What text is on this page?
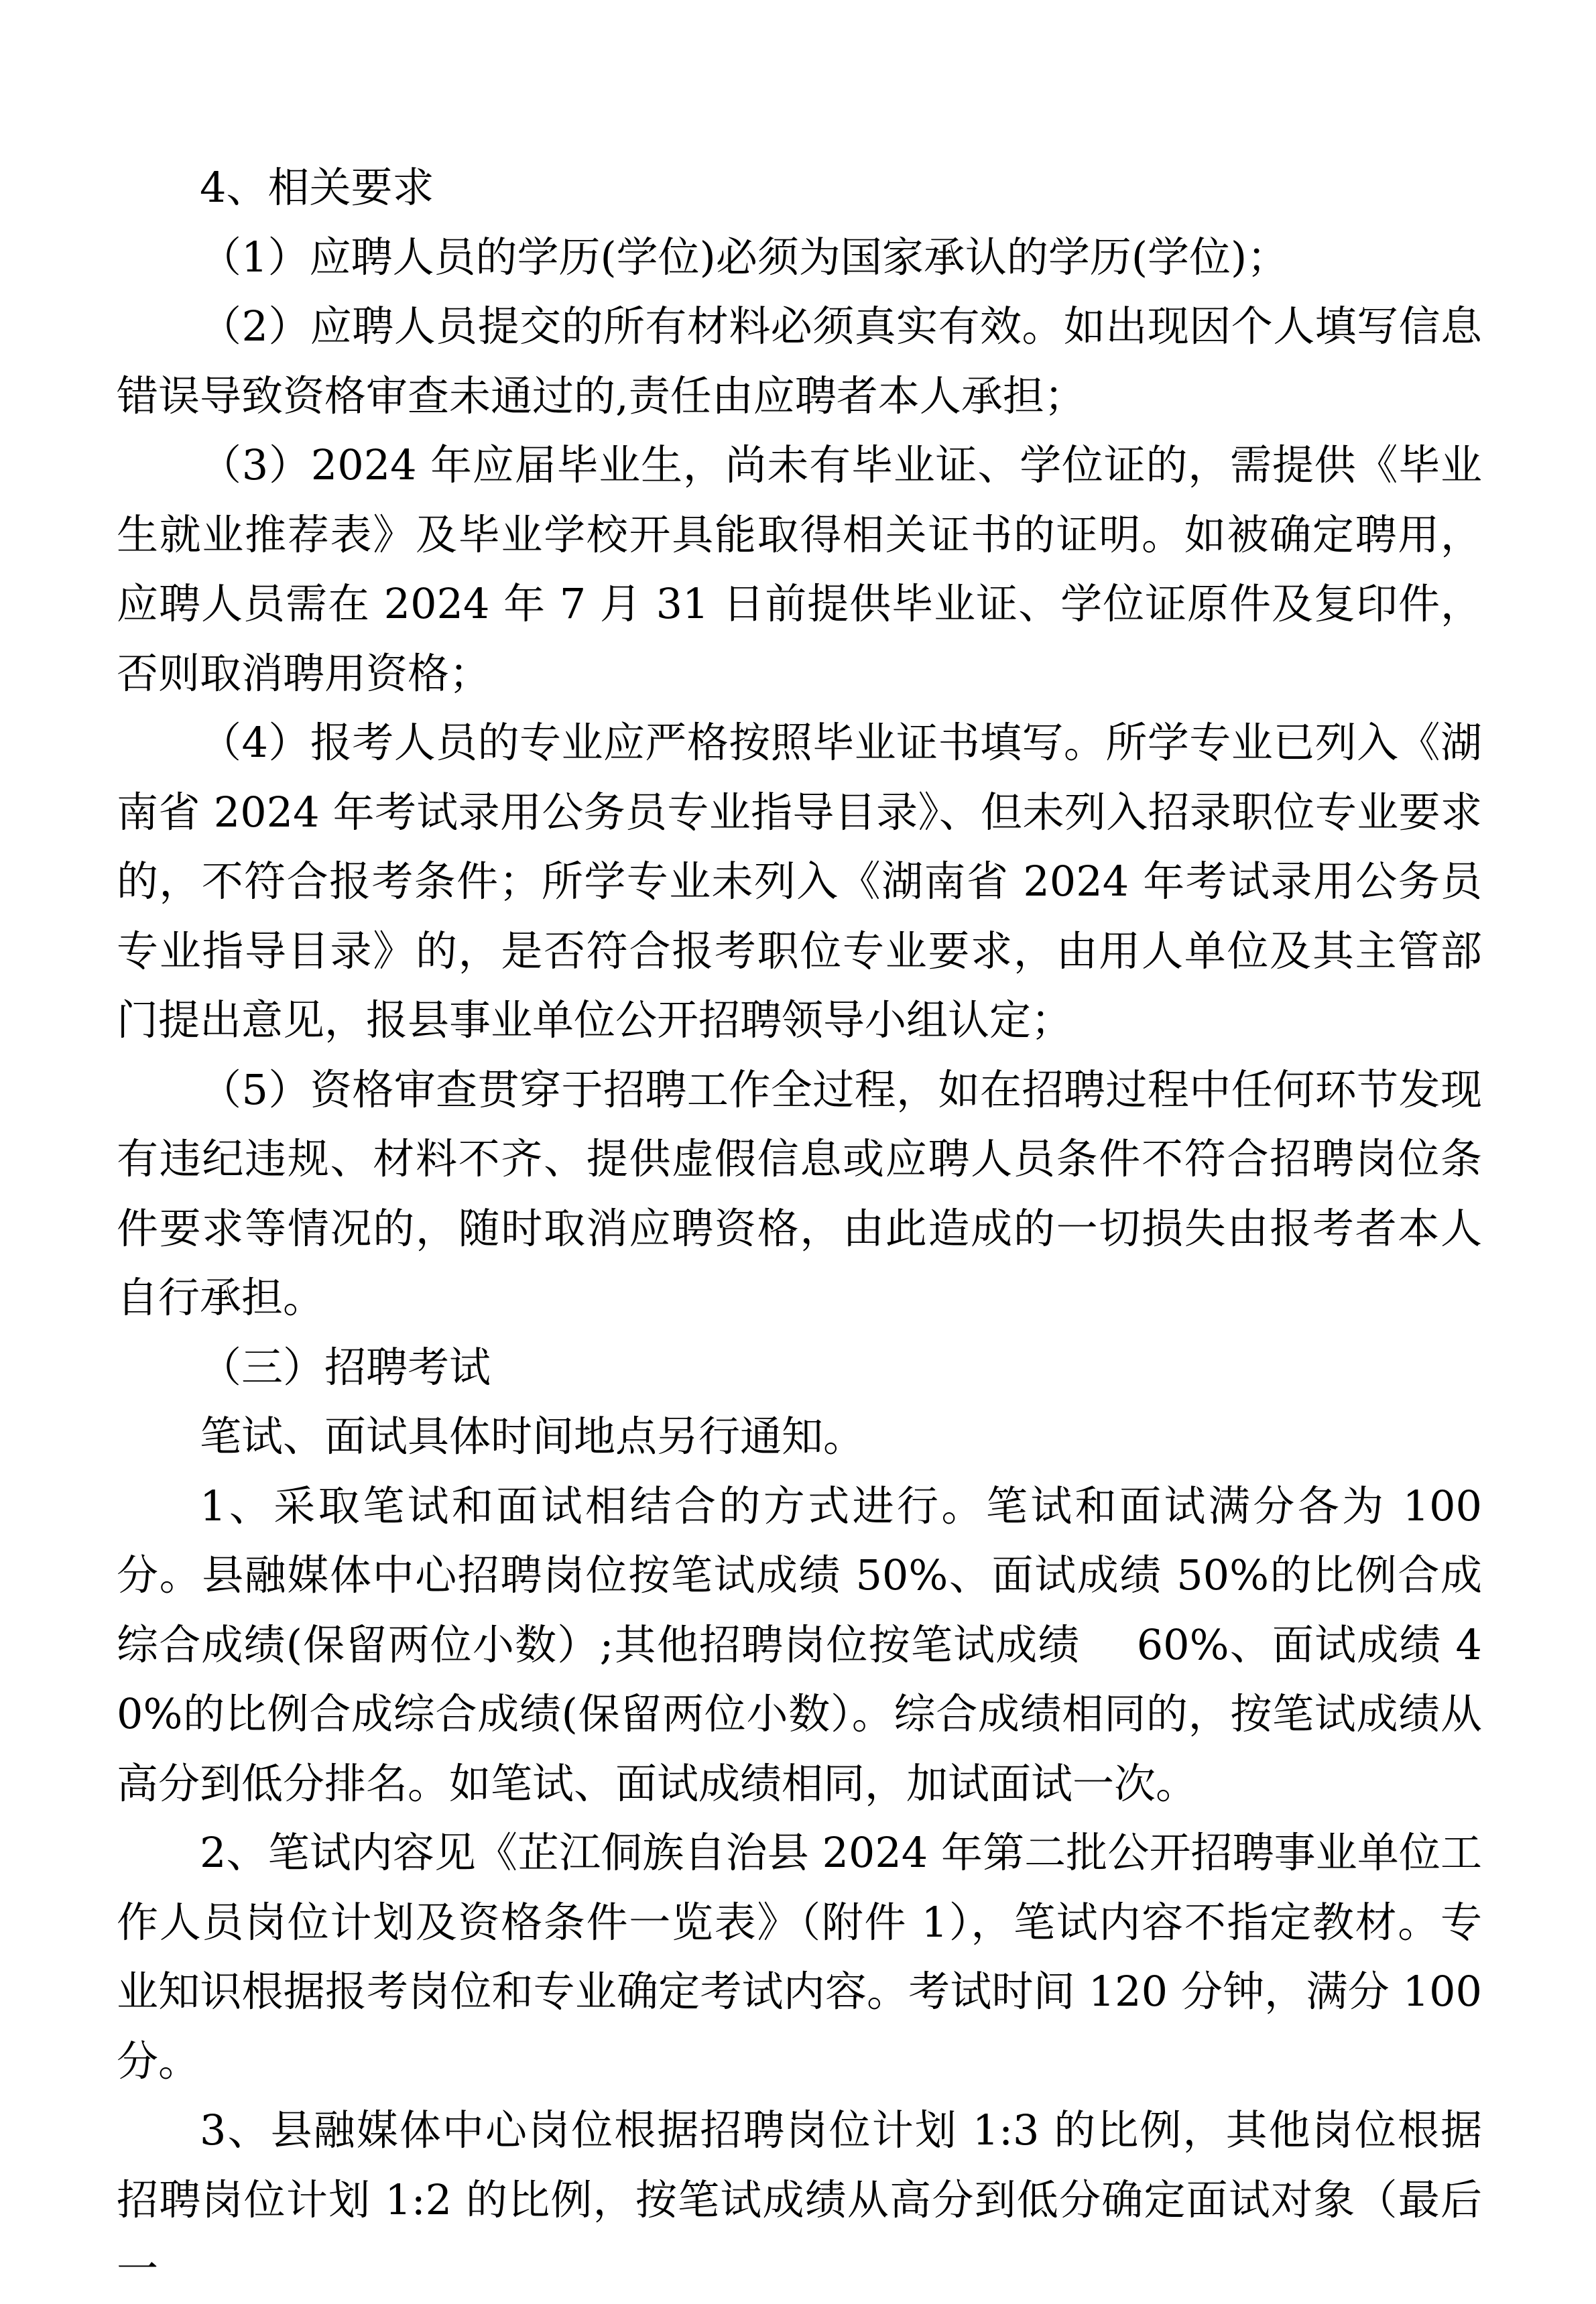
4、相关要求

（1）应聘人员的学历(学位)必须为国家承认的学历(学位)；

（2）应聘人员提交的所有材料必须真实有效。如出现因个人填写信息错误导致资格审查未通过的,责任由应聘者本人承担；

（3）2024 年应届毕业生，尚未有毕业证、学位证的，需提供《毕业生就业推荐表》及毕业学校开具能取得相关证书的证明。如被确定聘用，应聘人员需在 2024 年 7 月 31 日前提供毕业证、学位证原件及复印件，否则取消聘用资格；

（4）报考人员的专业应严格按照毕业证书填写。所学专业已列入《湖南省 2024 年考试录用公务员专业指导目录》、但未列入招录职位专业要求的，不符合报考条件；所学专业未列入《湖南省 2024 年考试录用公务员专业指导目录》的，是否符合报考职位专业要求，由用人单位及其主管部门提出意见，报县事业单位公开招聘领导小组认定；

（5）资格审查贯穿于招聘工作全过程，如在招聘过程中任何环节发现有违纪违规、材料不齐、提供虚假信息或应聘人员条件不符合招聘岗位条件要求等情况的，随时取消应聘资格，由此造成的一切损失由报考者本人自行承担。

（三）招聘考试

笔试、面试具体时间地点另行通知。

1、采取笔试和面试相结合的方式进行。笔试和面试满分各为 100 分。县融媒体中心招聘岗位按笔试成绩 50%、面试成绩 50%的比例合成综合成绩(保留两位小数）;其他招聘岗位按笔试成绩　 60%、面试成绩 40%的比例合成综合成绩(保留两位小数）。综合成绩相同的，按笔试成绩从高分到低分排名。如笔试、面试成绩相同，加试面试一次。

2、笔试内容见《芷江侗族自治县 2024 年第二批公开招聘事业单位工作人员岗位计划及资格条件一览表》（附件 1），笔试内容不指定教材。专业知识根据报考岗位和专业确定考试内容。考试时间 120 分钟，满分 100 分。

3、县融媒体中心岗位根据招聘岗位计划 1:3 的比例，其他岗位根据招聘岗位计划 1:2 的比例，按笔试成绩从高分到低分确定面试对象（最后一
